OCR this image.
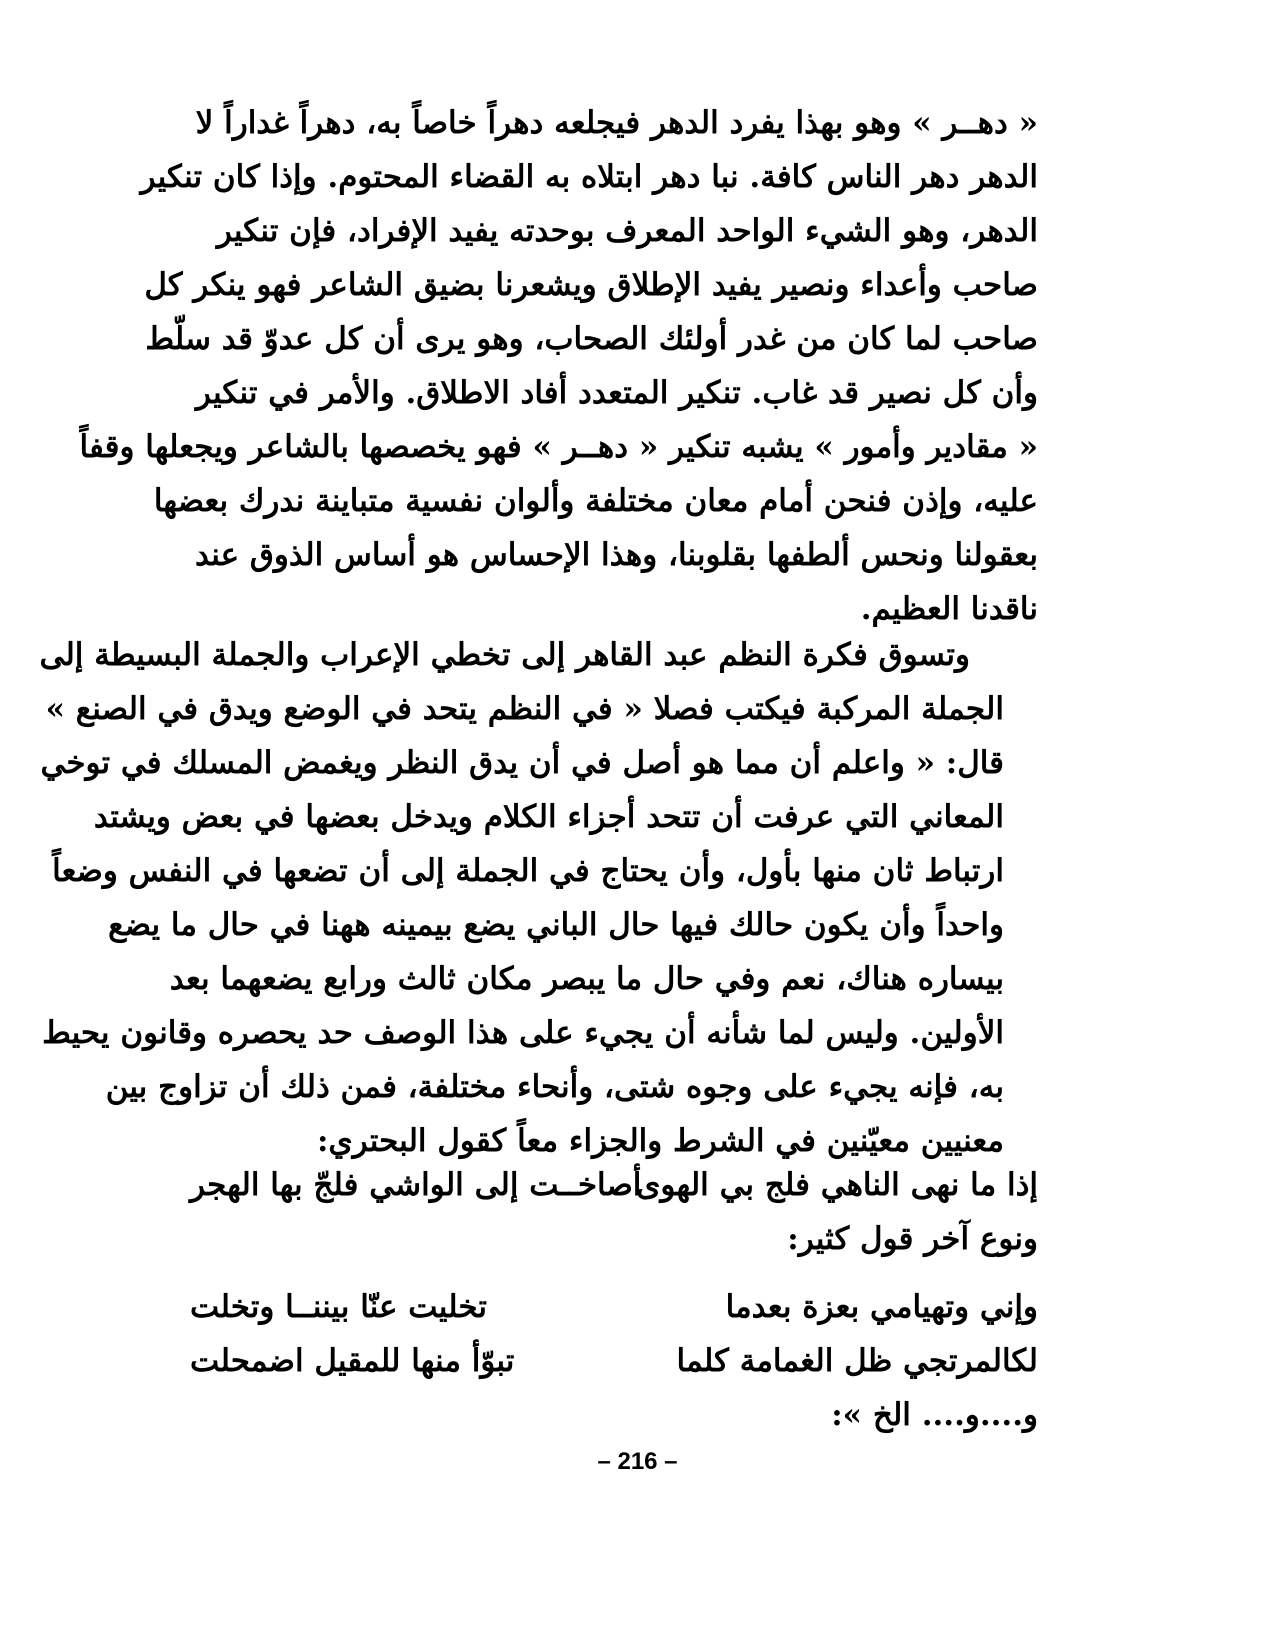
« دهــر » وهو بهذا يفرد الدهر فيجلعه دهراً خاصاً به، دهراً غداراً لا
الدهر دهر الناس كافة. نبا دهر ابتلاه به القضاء المحتوم. وإذا كان تنكير
الدهر، وهو الشيء الواحد المعرف بوحدته يفيد الإفراد، فإن تنكير
صاحب وأعداء ونصير يفيد الإطلاق ويشعرنا بضيق الشاعر فهو ينكر كل
صاحب لما كان من غدر أولئك الصحاب، وهو يرى أن كل عدوّ قد سلّط
وأن كل نصير قد غاب. تنكير المتعدد أفاد الاطلاق. والأمر في تنكير
« مقادير وأمور » يشبه تنكير « دهــر » فهو يخصصها بالشاعر ويجعلها وقفاً
عليه، وإذن فنحن أمام معان مختلفة وألوان نفسية متباينة ندرك بعضها
بعقولنا ونحس ألطفها بقلوبنا، وهذا الإحساس هو أساس الذوق عند
ناقدنا العظيم.
وتسوق فكرة النظم عبد القاهر إلى تخطي الإعراب والجملة البسيطة إلى
الجملة المركبة فيكتب فصلا « في النظم يتحد في الوضع ويدق في الصنع »
قال: « واعلم أن مما هو أصل في أن يدق النظر ويغمض المسلك في توخي
المعاني التي عرفت أن تتحد أجزاء الكلام ويدخل بعضها في بعض ويشتد
ارتباط ثان منها بأول، وأن يحتاج في الجملة إلى أن تضعها في النفس وضعاً
واحداً وأن يكون حالك فيها حال الباني يضع بيمينه ههنا في حال ما يضع
بيساره هناك، نعم وفي حال ما يبصر مكان ثالث ورابع يضعهما بعد
الأولين. وليس لما شأنه أن يجيء على هذا الوصف حد يحصره وقانون يحيط
به، فإنه يجيء على وجوه شتى، وأنحاء مختلفة، فمن ذلك أن تزاوج بين
معنيين معيّنين في الشرط والجزاء معاً كقول البحتري:
إذا ما نهى الناهي فلج بي الهوى
أصاخــت إلى الواشي فلجّ بها الهجر
ونوع آخر قول كثير:
وإني وتهيامي بعزة بعدما
تخليت عنّا بيننــا وتخلت
لكالمرتجي ظل الغمامة كلما
تبوّأ منها للمقيل اضمحلت
و....و.... الخ »:
– 216 –
